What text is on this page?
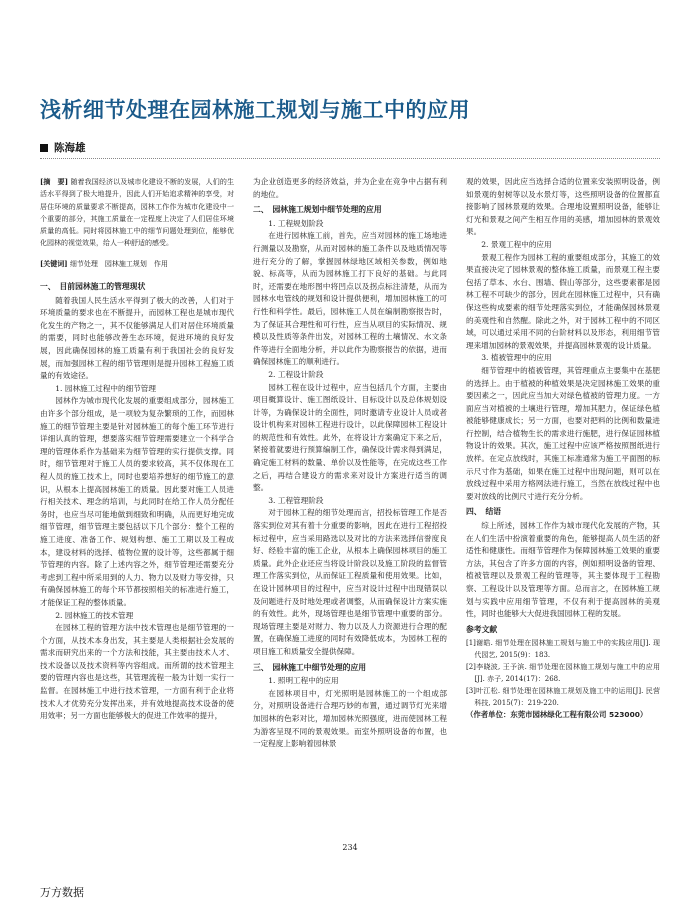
浅析细节处理在园林施工规划与施工中的应用
陈海雄

[摘　要] 随着我国经济以及城市化建设不断的发展，人们的生活水平得到了极大地提升，因此人们开始追求精神的享受，对居住环境的质量要求不断提高，园林工作作为城市化建设中一个重要的部分，其施工质量在一定程度上决定了人们居住环境质量的高低。同时将园林施工中的细节问题处理到位，能够优化园林的视觉效果，给人一种舒适的感受。

[关键词] 细节处理　园林施工规划　作用

一、　目前园林施工的管理现状

随着我国人民生活水平得到了极大的改善，人们对于环境质量的要求也在不断提升，而园林工程也是城市现代化发生的产物之一，其不仅能够满足人们对居住环境质量的需要，同时也能够改善生态环境，促进环境的良好发展，因此确保园林的施工质量有利于我国社会的良好发展，而加强园林工程的细节管理则是提升园林工程施工质量的有效途径。

1. 园林施工过程中的细节管理

园林作为城市现代化发展的重要组成部分，园林施工由许多个部分组成，是一项较为复杂繁琐的工作，而园林施工的细节管理主要是针对园林施工的每个施工环节进行详细认真的管理，想要落实细节管理需要建立一个科学合理的管理体系作为基础来为细节管理的实行提供支撑。同时，细节管理对于施工人员的要求较高，其不仅体现在工程人员的施工技术上，同时也要培养想好的细节施工的意识，从根本上提高园林施工的质量。因此要对施工人员进行相关技术、理念的培训，与此同时在给工作人员分配任务时，也应当尽可能地做到细致和明确，从而更好地完成细节管理，细节管理主要包括以下几个部分：整个工程的施工进度、准备工作、规划构想、施工工期以及工程成本，建设材料的选择、植物位置的设计等，这些都属于细节管理的内容。除了上述内容之外，细节管理还需要充分考虑到工程中所采用到的人力、物力以及财力等安排，只有确保园林施工的每个环节都按照相关的标准进行施工，才能保证工程的整体质量。

2. 园林施工的技术管理

在园林工程的管理方法中技术管理也是细节管理的一个方面，从技术本身出发，其主要是人类根据社会发展的需求而研究出来的一个方法和技能，其主要由技术人才、技术设备以及技术资料等内容组成。而所谓的技术管理主要的管理内容也是这些，其管理流程一般为计划一实行一监督。在园林施工中进行技术管理，一方面有利于企业将技术人才优势充分发挥出来，并有效地提高技术设备的使用效率；另一方面也能够极大的促进工作效率的提升，

为企业创造更多的经济效益，并为企业在竞争中占据有利的地位。

二、　园林施工规划中细节处理的应用

1. 工程规划阶段

在进行园林施工前，首先，应当对园林的施工场地进行测量以及勘察，从而对园林的施工条件以及地质情况等进行充分的了解，掌握园林绿地区域相关参数，例如地貌、标高等，从而为园林施工打下良好的基础。与此同时，还需要在地形图中将凹点以及拐点标注清楚，从而为园林水电管线的规划和设计提供便利，增加园林施工的可行性和科学性。最后，园林施工人员在编制勘察报告时，为了保证其合理性和可行性，应当从项目的实际情况、规模以及性质等条件出发，对园林工程的土壤情况、水文条件等进行全面地分析，并以此作为勘察报告的依据，进而确保园林施工的顺利进行。

2. 工程设计阶段

园林工程在设计过程中，应当包括几个方面，主要由项目概算设计、施工图纸设计、目标设计以及总体规划设计等，为确保设计的全面性，同时邀请专业设计人员或者设计机构来对园林工程进行设计，以此保障园林工程设计的规范性和有效性。此外，在将设计方案确定下来之后，紧接着就要进行预算编制工作，确保设计需求得到满足，确定施工材料的数量、单价以及性能等，在完成这些工作之后，再结合建设方的需求来对设计方案进行适当的调整。

3. 工程管理阶段

对于园林工程的细节处理而言，招投标管理工作是否落实到位对其有着十分重要的影响，因此在进行工程招投标过程中，应当采用路选以及对比的方法来选择信誉度良好、经验丰富的施工企业，从根本上确保园林项目的施工质量。此外企业还应当将设计阶段以及施工阶段的监督管理工作落实到位，从而保证工程质量和使用效果。比如，在设计园林项目的过程中，应当对设计过程中出现错误以及问题进行及时地处理或者调整，从而确保设计方案实施的有效性。此外，现场管理也是细节管理中重要的部分。现场管理主要是对财力、物力以及人力资源进行合理的配置，在确保施工进度的同时有效降低成本，为园林工程的项目施工和质量安全提供保障。

三、　园林施工中细节处理的应用

1. 照明工程中的应用

在园林项目中，灯光照明是园林施工的一个组成部分，对照明设备进行合理巧妙的布置，通过调节灯光来增加园林的色彩对比，增加园林光照强度，进而使园林工程为游客呈现不同的景观效果。而室外照明设备的布置，也一定程度上影响着园林景

观的效果，因此应当选择合适的位置来安装照明设备，例如景观的射树等以及水景灯等，这些照明设备的位置都直接影响了园林景观的效果。合理地设置照明设备，能够让灯光和景观之间产生相互作用的美感，增加园林的景观效果。

2. 景观工程中的应用

景观工程作为园林工程的重要组成部分，其施工的效果直接决定了园林景观的整体施工质量，而景观工程主要包括了草本、水台、围墙、假山等部分，这些要素都是园林工程不可缺少的部分，因此在园林施工过程中，只有确保这些构成要素的细节处理落实到位，才能确保园林景观的美观性和自然醒。除此之外，对于园林工程中的不同区域，可以通过采用不同的台阶材料以及形态，利用细节管理来增加园林的景观效果，并提高园林景观的设计质量。

3. 植被管理中的应用

细节管理中的植被管理，其管理重点主要集中在基肥的选择上。由于植被的种植效果是决定园林施工效果的重要因素之一，因此应当加大对绿色植被的管理力度。一方面应当对植被的土壤进行管理，增加其肥力，保证绿色植被能够健康成长；另一方面，也要对把料的比例和数量进行控制，结合植物生长的需求进行施肥，进行保证园林植物设计的效果。其次，施工过程中应该严格按照图纸进行放样。在定点放线时，其施工标准通常为施工平面图的标示尺寸作为基础，如果在施工过程中出现问题，则可以在放线过程中采用方格网法进行施工，当然在放线过程中也要对放线的比例尺寸进行充分分析。

四、　结语

综上所述，园林工作作为城市现代化发展的产物，其在人们生活中扮演着重要的角色，能够提高人员生活的舒适性和健康性。而细节管理作为保障园林施工效果的重要方法，其包含了许多方面的内容，例如照明设备的管理、植被管理以及景观工程的管理等，其主要体现于工程勘察、工程设计以及管理等方面。总而言之，在园林施工规划与实践中应用细节管理，不仅有利于提高园林的美观性，同时也能够大大促进我国园林工程的发展。

参考文献

[1]谢皓. 细节处理在园林施工规划与施工中的实践应用[J]. 现代园艺, 2015(9)：183.

[2]李晓波, 王予滨. 细节处理在园林施工规划与施工中的应用[J]. 赤子, 2014(17)：268.

[3]叶江松. 细节处理在园林施工规划及施工中的运用[J]. 民营科技, 2015(7)：219-220.

（作者单位：东莞市园林绿化工程有限公司 523000）

234
万方数据
